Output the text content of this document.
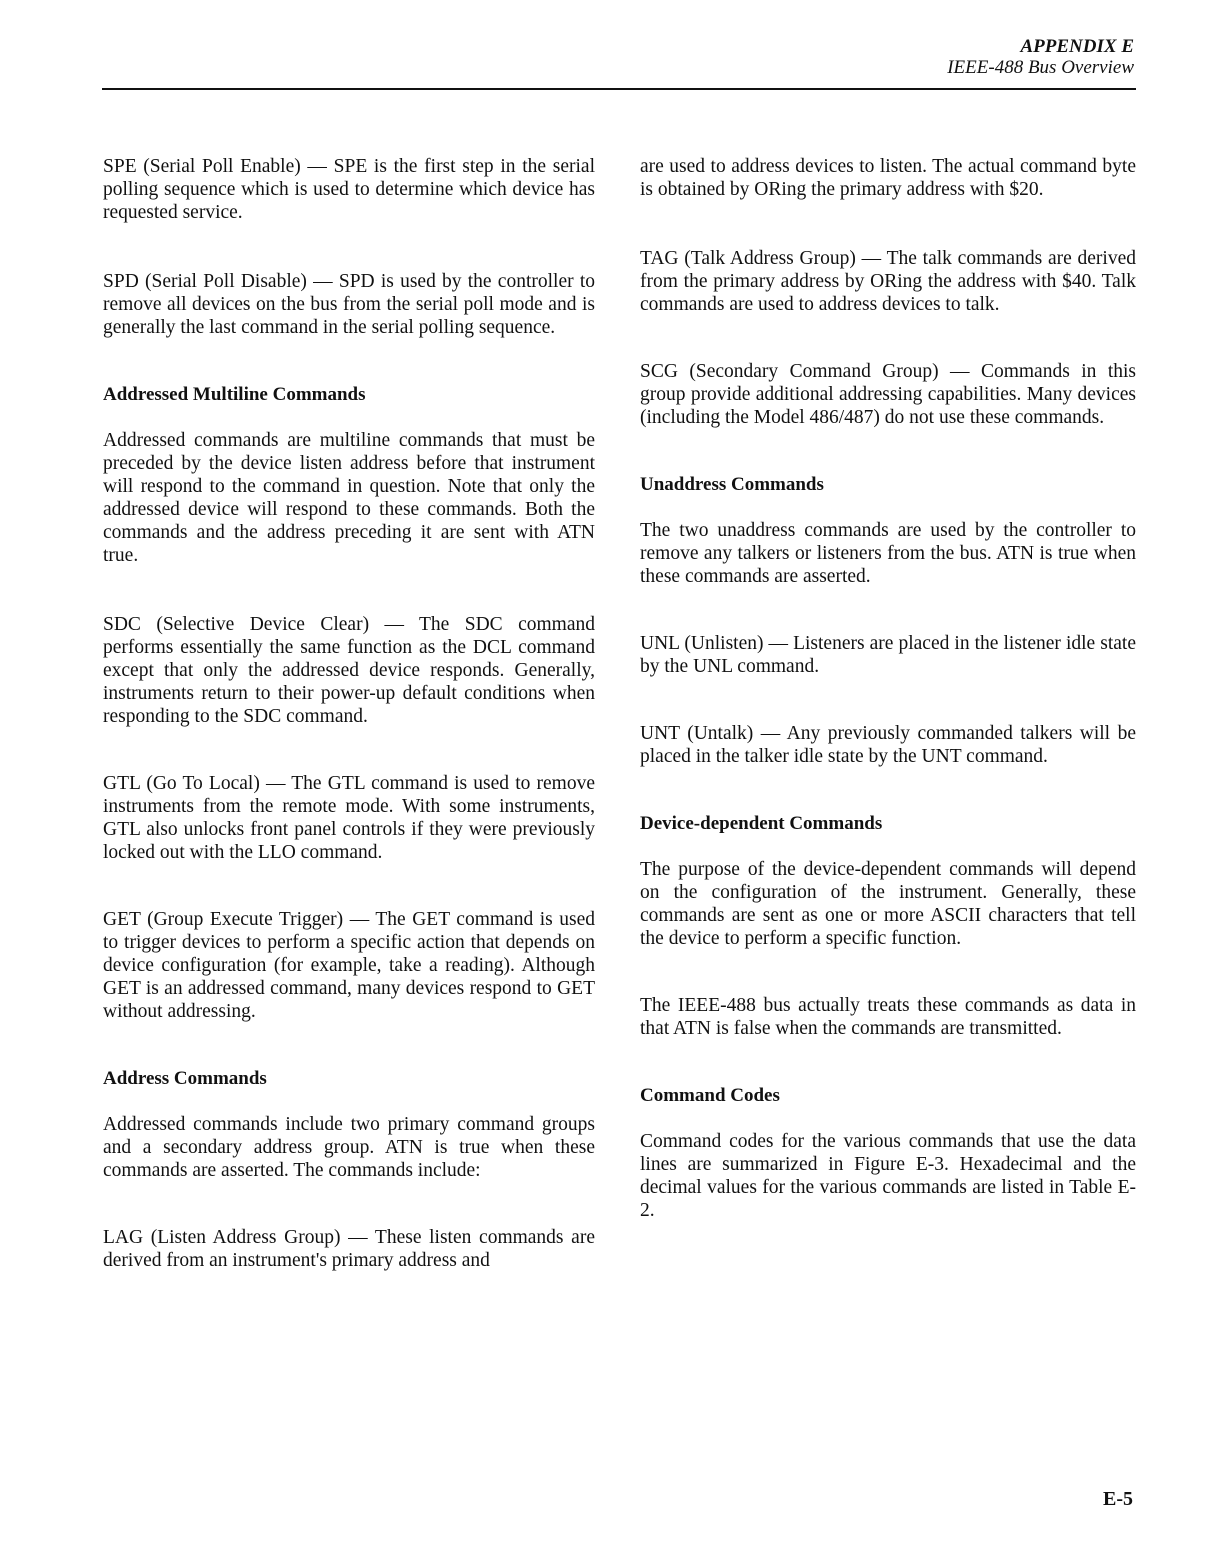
APPENDIX E
IEEE-488 Bus Overview

SPE (Serial Poll Enable) — SPE is the first step in the serial polling sequence which is used to determine which device has requested service.

SPD (Serial Poll Disable) — SPD is used by the controller to remove all devices on the bus from the serial poll mode and is generally the last command in the serial polling sequence.

Addressed Multiline Commands

Addressed commands are multiline commands that must be preceded by the device listen address before that instrument will respond to the command in question. Note that only the addressed device will respond to these commands. Both the commands and the address preceding it are sent with ATN true.

SDC (Selective Device Clear) — The SDC command performs essentially the same function as the DCL command except that only the addressed device responds. Generally, instruments return to their power-up default conditions when responding to the SDC command.

GTL (Go To Local) — The GTL command is used to remove instruments from the remote mode. With some instruments, GTL also unlocks front panel controls if they were previously locked out with the LLO command.

GET (Group Execute Trigger) — The GET command is used to trigger devices to perform a specific action that depends on device configuration (for example, take a reading). Although GET is an addressed command, many devices respond to GET without addressing.

Address Commands

Addressed commands include two primary command groups and a secondary address group. ATN is true when these commands are asserted. The commands include:

LAG (Listen Address Group) — These listen commands are derived from an instrument's primary address and

are used to address devices to listen. The actual command byte is obtained by ORing the primary address with $20.

TAG (Talk Address Group) — The talk commands are derived from the primary address by ORing the address with $40. Talk commands are used to address devices to talk.

SCG (Secondary Command Group) — Commands in this group provide additional addressing capabilities. Many devices (including the Model 486/487) do not use these commands.

Unaddress Commands

The two unaddress commands are used by the controller to remove any talkers or listeners from the bus. ATN is true when these commands are asserted.

UNL (Unlisten) — Listeners are placed in the listener idle state by the UNL command.

UNT (Untalk) — Any previously commanded talkers will be placed in the talker idle state by the UNT command.

Device-dependent Commands

The purpose of the device-dependent commands will depend on the configuration of the instrument. Generally, these commands are sent as one or more ASCII characters that tell the device to perform a specific function.

The IEEE-488 bus actually treats these commands as data in that ATN is false when the commands are transmitted.

Command Codes

Command codes for the various commands that use the data lines are summarized in Figure E-3. Hexadecimal and the decimal values for the various commands are listed in Table E-2.

E-5
